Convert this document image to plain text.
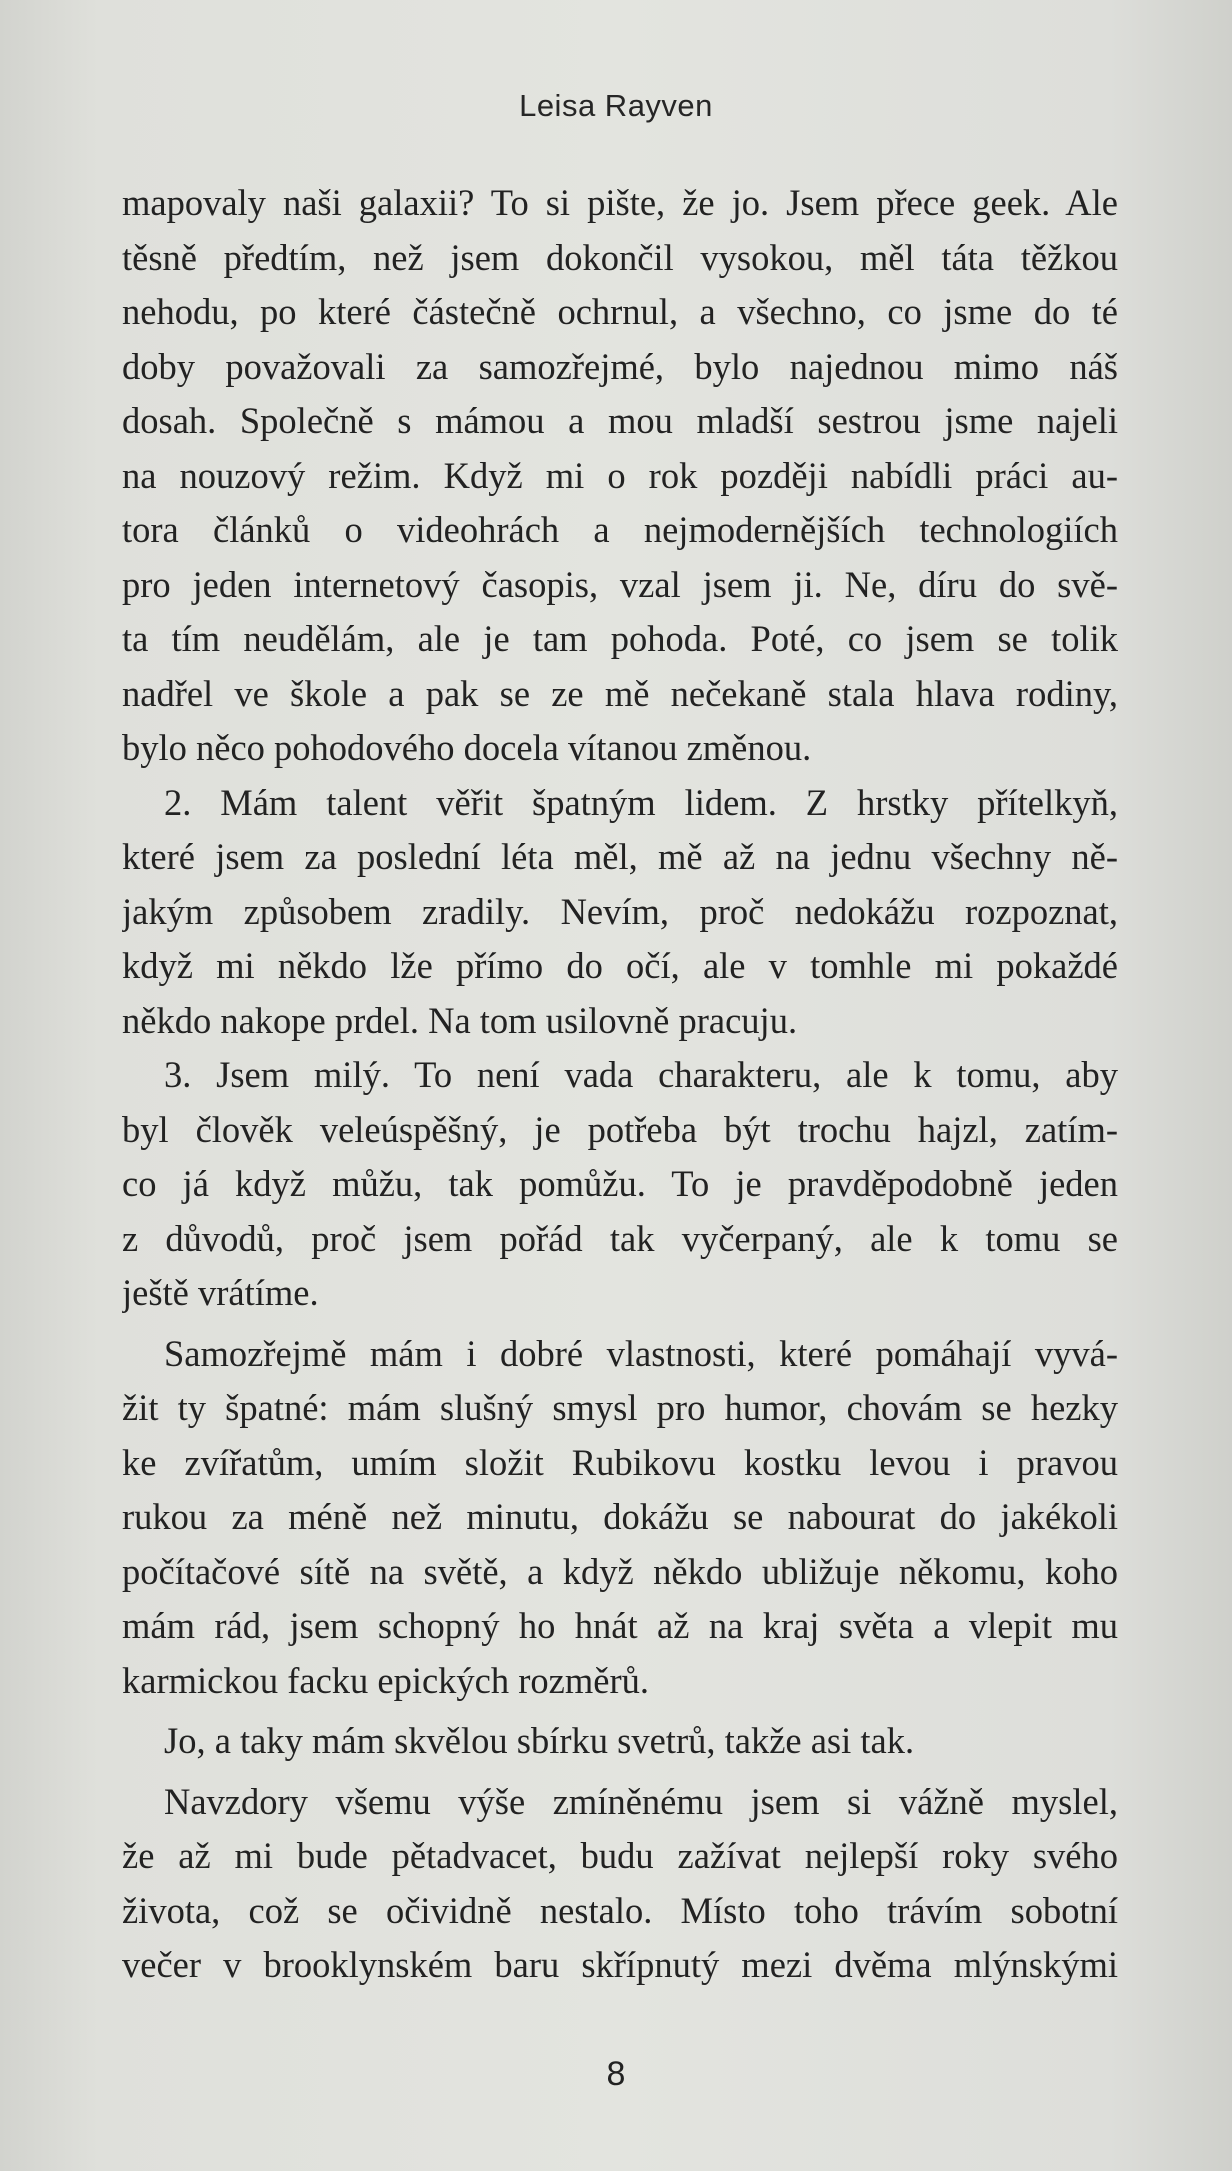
Leisa Rayven
mapovaly naši galaxii? To si pište, že jo. Jsem přece geek. Ale
těsně předtím, než jsem dokončil vysokou, měl táta těžkou
nehodu, po které částečně ochrnul, a všechno, co jsme do té
doby považovali za samozřejmé, bylo najednou mimo náš
dosah. Společně s mámou a mou mladší sestrou jsme najeli
na nouzový režim. Když mi o rok později nabídli práci au-
tora článků o videohrách a nejmodernějších technologiích
pro jeden internetový časopis, vzal jsem ji. Ne, díru do svě-
ta tím neudělám, ale je tam pohoda. Poté, co jsem se tolik
nadřel ve škole a pak se ze mě nečekaně stala hlava rodiny,
bylo něco pohodového docela vítanou změnou.
2. Mám talent věřit špatným lidem. Z hrstky přítelkyň,
které jsem za poslední léta měl, mě až na jednu všechny ně-
jakým způsobem zradily. Nevím, proč nedokážu rozpoznat,
když mi někdo lže přímo do očí, ale v tomhle mi pokaždé
někdo nakope prdel. Na tom usilovně pracuju.
3. Jsem milý. To není vada charakteru, ale k tomu, aby
byl člověk veleúspěšný, je potřeba být trochu hajzl, zatím-
co já když můžu, tak pomůžu. To je pravděpodobně jeden
z důvodů, proč jsem pořád tak vyčerpaný, ale k tomu se
ještě vrátíme.
Samozřejmě mám i dobré vlastnosti, které pomáhají vyvá-
žit ty špatné: mám slušný smysl pro humor, chovám se hezky
ke zvířatům, umím složit Rubikovu kostku levou i pravou
rukou za méně než minutu, dokážu se nabourat do jakékoli
počítačové sítě na světě, a když někdo ubližuje někomu, koho
mám rád, jsem schopný ho hnát až na kraj světa a vlepit mu
karmickou facku epických rozměrů.
Jo, a taky mám skvělou sbírku svetrů, takže asi tak.
Navzdory všemu výše zmíněnému jsem si vážně myslel,
že až mi bude pětadvacet, budu zažívat nejlepší roky svého
života, což se očividně nestalo. Místo toho trávím sobotní
večer v brooklynském baru skřípnutý mezi dvěma mlýnskými
8
